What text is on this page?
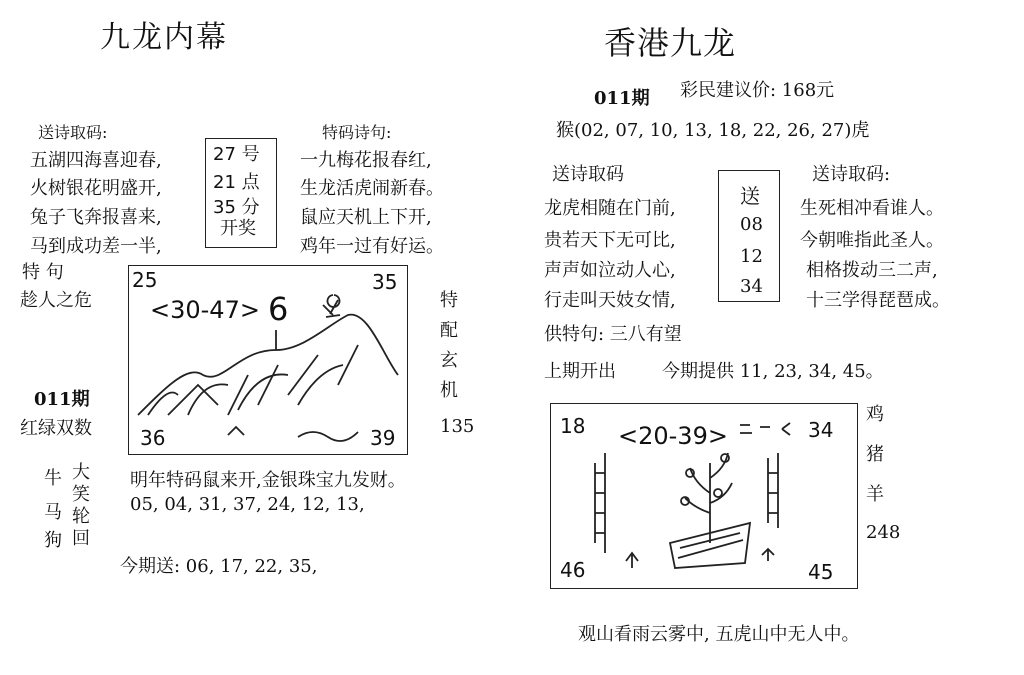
九龙内幕
送诗取码:	特码诗句:
五湖四海喜迎春,
火树银花明盛开,
兔子飞奔报喜来,
马到成功差一半,
27 号
21 点
35 分
开奖
一九梅花报春红,
生龙活虎闹新春。
鼠应天机上下开,
鸡年一过有好运。
特 句
趁人之危
011期
红绿双数
25	35
36	39
<30-47> 6	特
配
玄
机
135
牛
马
狗
大
笑
轮
回
明年特码鼠来开,金银珠宝九发财。
05, 04, 31, 37, 24, 12, 13,
今期送: 06, 17, 22, 35,
香港九龙
011期 彩民建议价: 168元
猴(02, 07, 10, 13, 18, 22, 26, 27)虎
送诗取码	送诗取码:
龙虎相随在门前,
贵若天下无可比,
声声如泣动人心,
行走叫天妓女情,
送
08
12
34
生死相冲看谁人。
今朝唯指此圣人。
相格拨动三二声,
十三学得琵琶成。
供特句: 三八有望
上期开出	今期提供 11, 23, 34, 45。
18	34
46	45
<20-39>
鸡
猪
羊
248
观山看雨云雾中, 五虎山中无人中。
